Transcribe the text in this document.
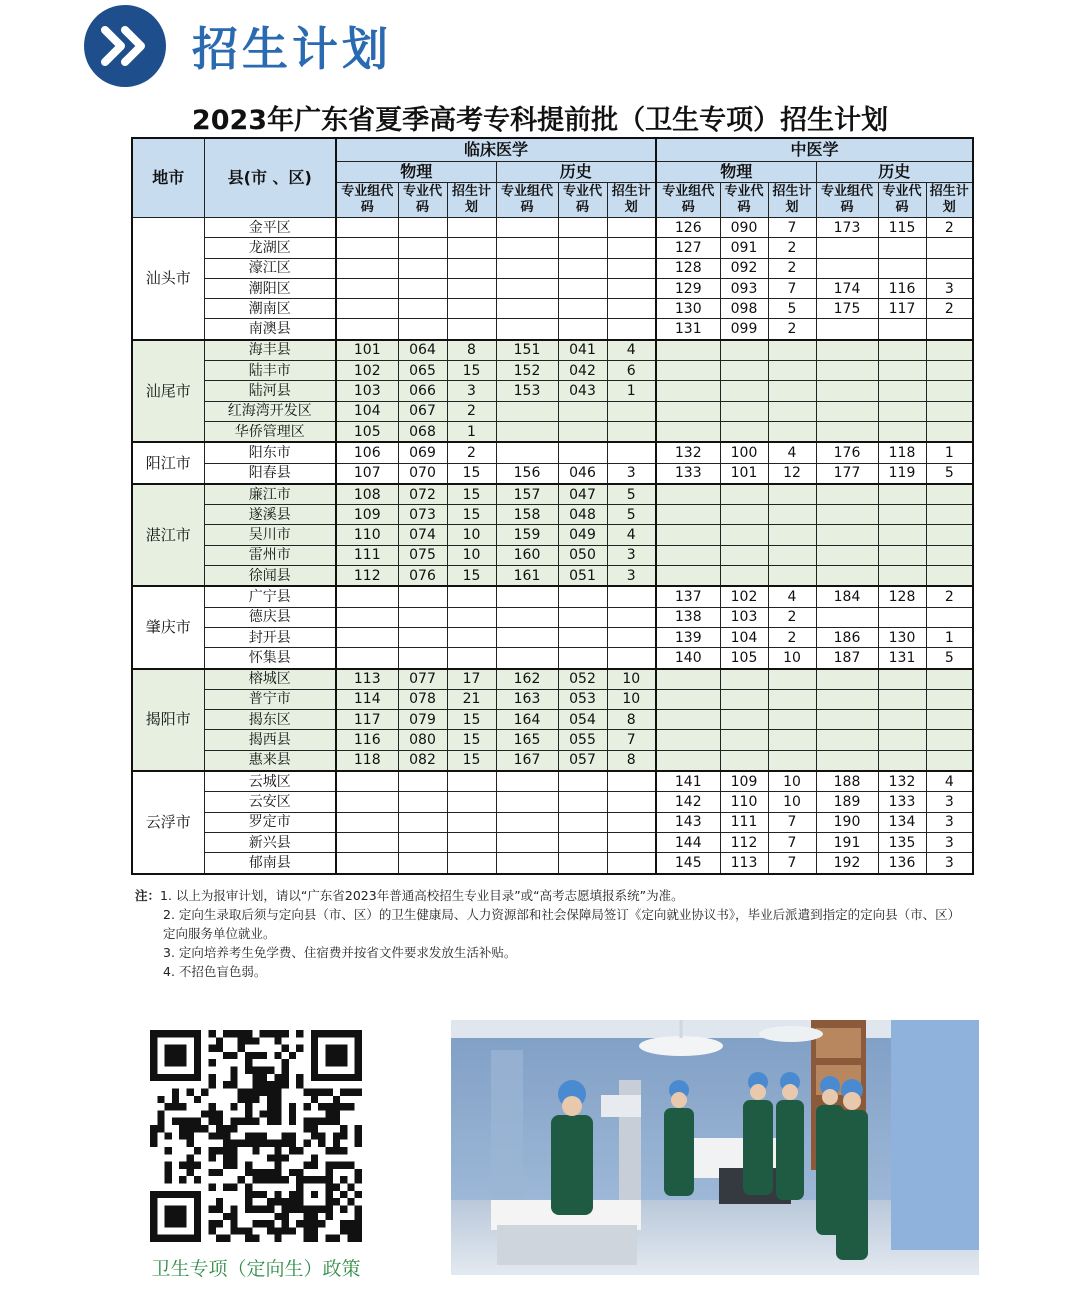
招生计划
2023年广东省夏季高考专科提前批（卫生专项）招生计划
地市	县(市 、区)	临床医学						中医学					
		物理			历史			物理			历史		
		专业组代码	专业代码	招生计划	专业组代码	专业代码	招生计划	专业组代码	专业代码	招生计划	专业组代码	专业代码	招生计划
汕头市	金平区							126	090	7	173	115	2
	龙湖区							127	091	2			
	濠江区							128	092	2			
	潮阳区							129	093	7	174	116	3
	潮南区							130	098	5	175	117	2
	南澳县							131	099	2			
汕尾市	海丰县	101	064	8	151	041	4						
	陆丰市	102	065	15	152	042	6						
	陆河县	103	066	3	153	043	1						
	红海湾开发区	104	067	2									
	华侨管理区	105	068	1									
阳江市	阳东市	106	069	2				132	100	4	176	118	1
	阳春县	107	070	15	156	046	3	133	101	12	177	119	5
湛江市	廉江市	108	072	15	157	047	5						
	遂溪县	109	073	15	158	048	5						
	吴川市	110	074	10	159	049	4						
	雷州市	111	075	10	160	050	3						
	徐闻县	112	076	15	161	051	3						
肇庆市	广宁县							137	102	4	184	128	2
	德庆县							138	103	2			
	封开县							139	104	2	186	130	1
	怀集县							140	105	10	187	131	5
揭阳市	榕城区	113	077	17	162	052	10						
	普宁市	114	078	21	163	053	10						
	揭东区	117	079	15	164	054	8						
	揭西县	116	080	15	165	055	7						
	惠来县	118	082	15	167	057	8						
云浮市	云城区							141	109	10	188	132	4
	云安区							142	110	10	189	133	3
	罗定市							143	111	7	190	134	3
	新兴县							144	112	7	191	135	3
	郁南县							145	113	7	192	136	3
注：1. 以上为报审计划，请以“广东省2023年普通高校招生专业目录”或“高考志愿填报系统”为准。
2. 定向生录取后须与定向县（市、区）的卫生健康局、人力资源部和社会保障局签订《定向就业协议书》，毕业后派遣到指定的定向县（市、区）定向服务单位就业。
3. 定向培养考生免学费、住宿费并按省文件要求发放生活补贴。
4. 不招色盲色弱。
卫生专项（定向生）政策
